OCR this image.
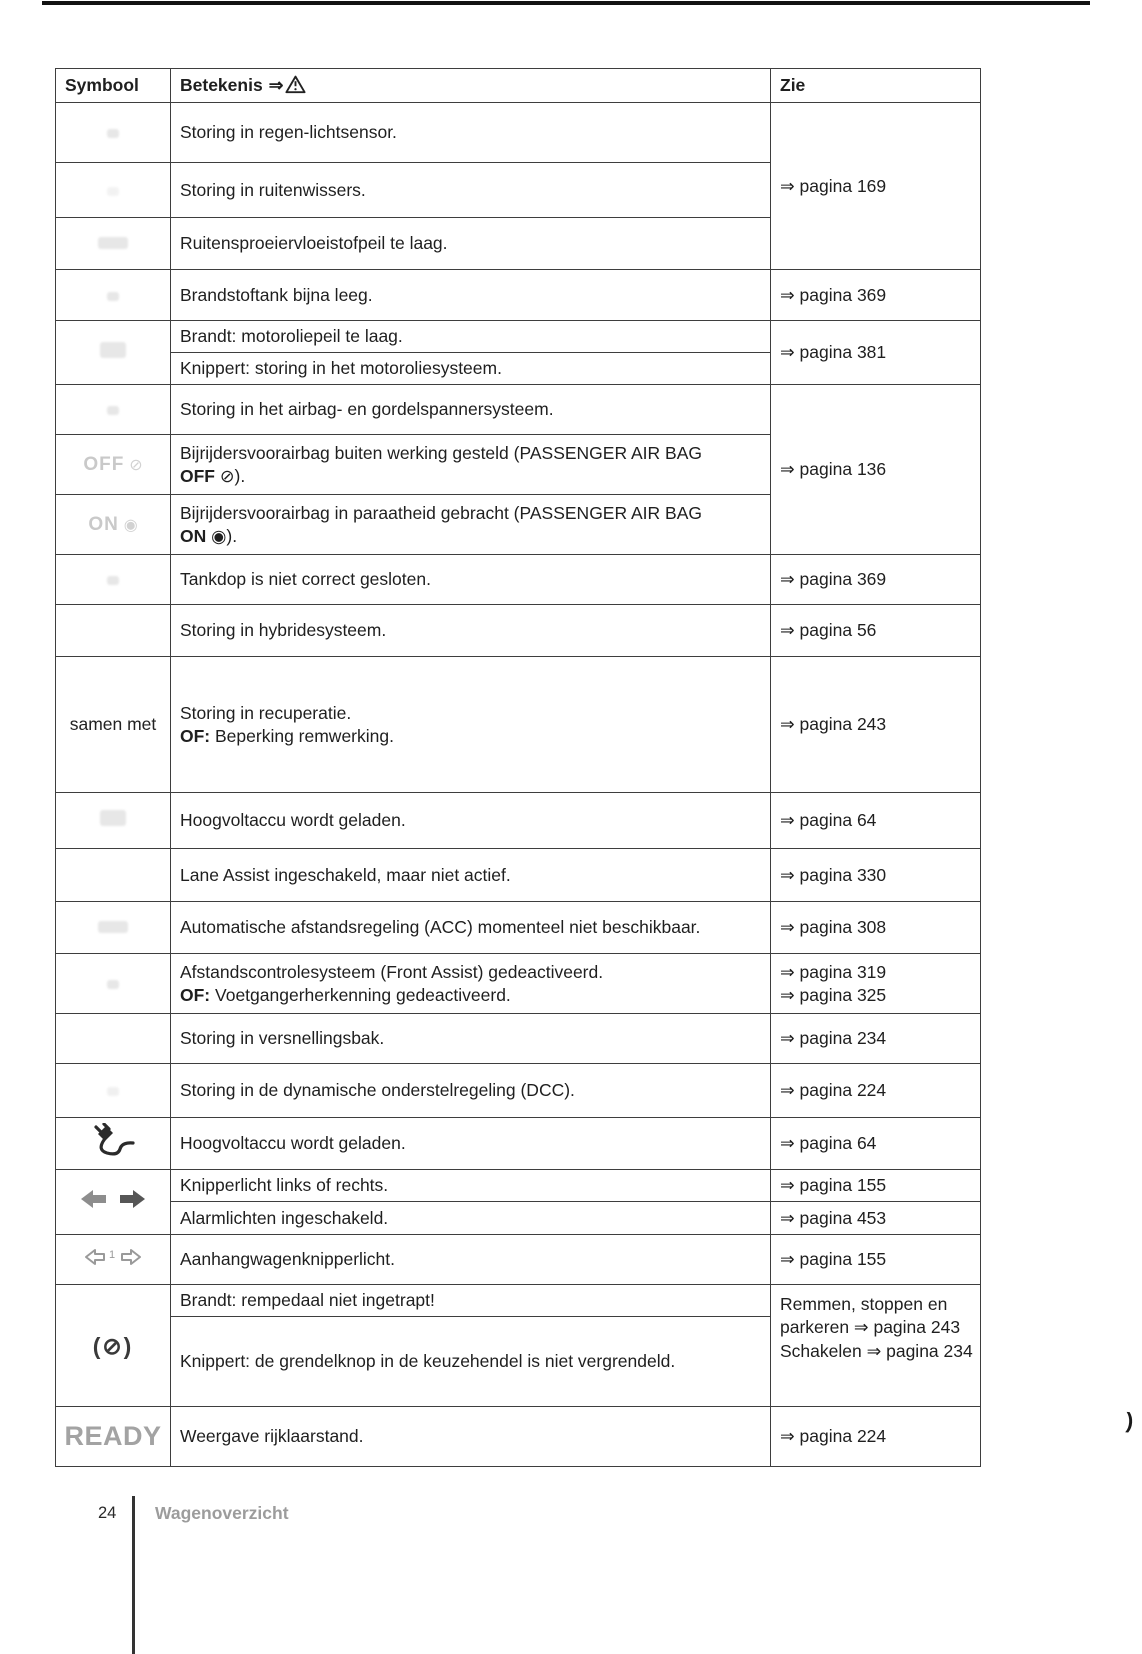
Symbool	Betekenis ⇒	Zie
	Storing in regen-lichtsensor.	⇒ pagina 169
	Storing in ruitenwissers.	
	Ruitensproeiervloeistofpeil te laag.	
	Brandstoftank bijna leeg.	⇒ pagina 369
	Brandt: motoroliepeil te laag.	⇒ pagina 381
	Knippert: storing in het motoroliesysteem.	
	Storing in het airbag- en gordelspannersysteem.	⇒ pagina 136
OFF ⊘	Bijrijdersvoorairbag buiten werking gesteld (PASSENGER AIR BAG
OFF ⊘).	
ON ◉	Bijrijdersvoorairbag in paraatheid gebracht (PASSENGER AIR BAG
ON ◉).	
	Tankdop is niet correct gesloten.	⇒ pagina 369
	Storing in hybridesysteem.	⇒ pagina 56
samen met	Storing in recuperatie.
OF: Beperking remwerking.	⇒ pagina 243
	Hoogvoltaccu wordt geladen.	⇒ pagina 64
	Lane Assist ingeschakeld, maar niet actief.	⇒ pagina 330
	Automatische afstandsregeling (ACC) momenteel niet beschikbaar.	⇒ pagina 308
	Afstandscontrolesysteem (Front Assist) gedeactiveerd.
OF: Voetgangerherkenning gedeactiveerd.	⇒ pagina 319
⇒ pagina 325

	Storing in versnellingsbak.	⇒ pagina 234
	Storing in de dynamische onderstelregeling (DCC).	⇒ pagina 224
	Hoogvoltaccu wordt geladen.	⇒ pagina 64
	Knipperlicht links of rechts.	⇒ pagina 155
	Alarmlichten ingeschakeld.	⇒ pagina 453

1	Aanhangwagenknipperlicht.	⇒ pagina 155
(⊘)	Brandt: rempedaal niet ingetrapt!	Remmen, stoppen en parkeren ⇒ pagina 243
Schakelen ⇒ pagina 234

	Knippert: de grendelknop in de keuzehendel is niet vergrendeld.	
READY	Weergave rijklaarstand.	⇒ pagina 224
24 Wagenoverzicht
)
